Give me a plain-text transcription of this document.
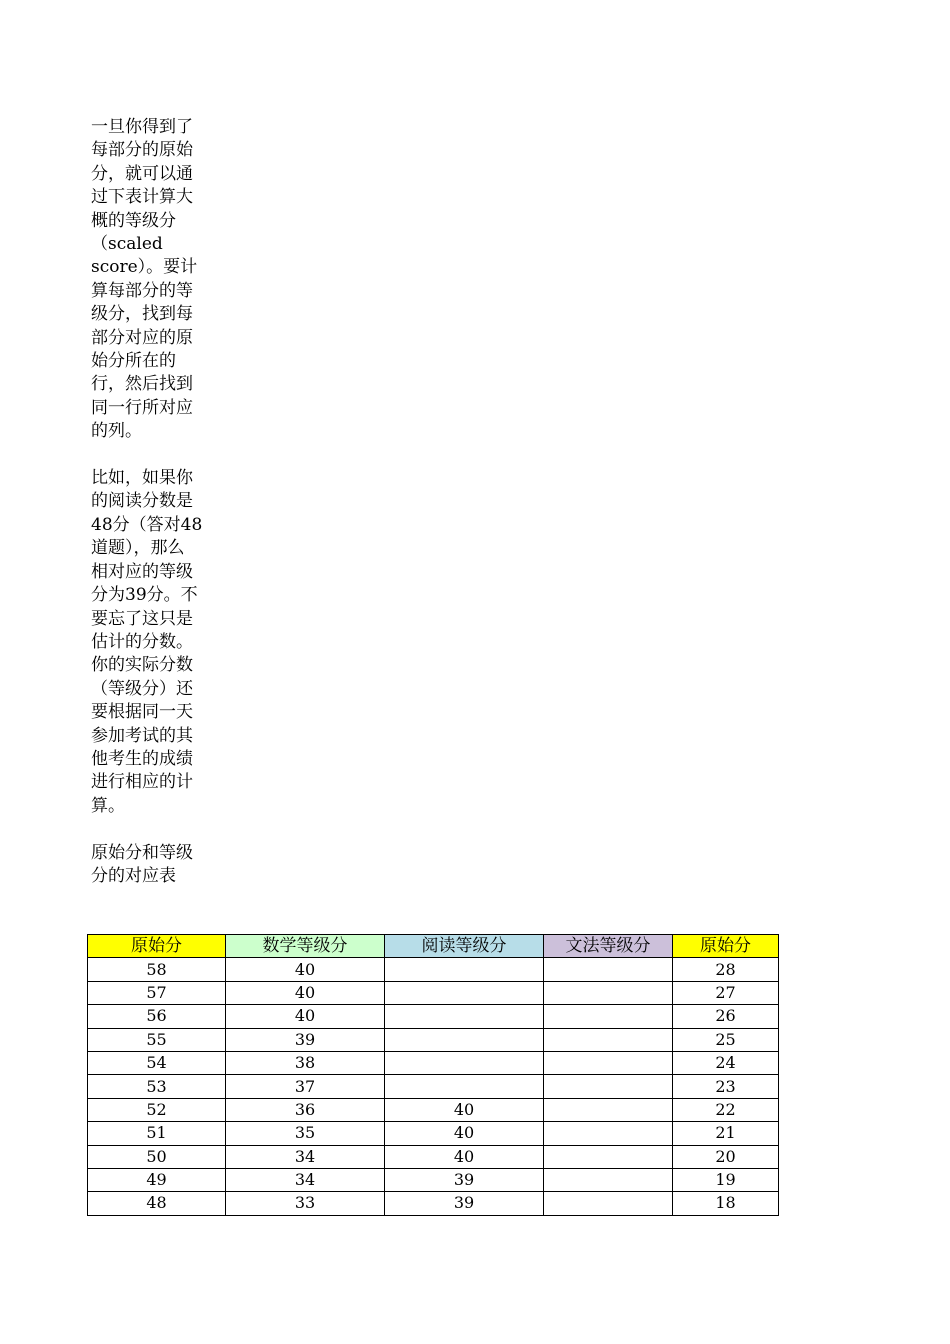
一旦你得到了
每部分的原始
分，就可以通
过下表计算大
概的等级分
（scaled
score）。要计
算每部分的等
级分，找到每
部分对应的原
始分所在的
行，然后找到
同一行所对应
的列。
比如，如果你
的阅读分数是
48分（答对48
道题），那么
相对应的等级
分为39分。不
要忘了这只是
估计的分数。
你的实际分数
（等级分）还
要根据同一天
参加考试的其
他考生的成绩
进行相应的计
算。
原始分和等级
分的对应表
原始分	数学等级分	阅读等级分	文法等级分	原始分
58	40			28
57	40			27
56	40			26
55	39			25
54	38			24
53	37			23
52	36	40		22
51	35	40		21
50	34	40		20
49	34	39		19
48	33	39		18
